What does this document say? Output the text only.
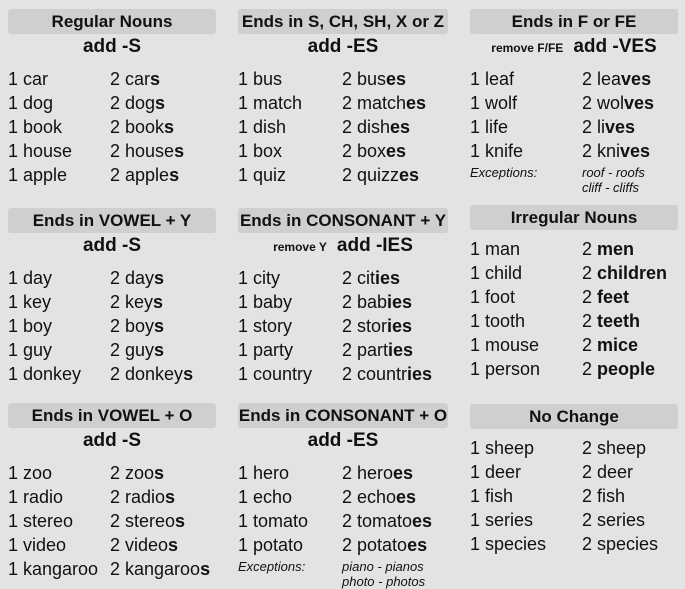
Regular Nouns
add -S
1 car	2 cars
1 dog	2 dogs
1 book	2 books
1 house 2 houses
1 apple 2 apples
Ends in S, CH, SH, X or Z
add -ES
1 bus	2 buses
1 match 2 matches
1 dish	2 dishes
1 box	2 boxes
1 quiz	2 quizzes
Ends in F or FE
remove F/FE add -VES
1 leaf	2 leaves
1 wolf	2 wolves
1 life	2 lives
1 knife	2 knives
Exceptions:	roof - roofs
cliff - cliffs
Ends in VOWEL + Y
add -S
1 day	2 days
1 key	2 keys
1 boy	2 boys
1 guy	2 guys
1 donkey 2 donkeys
Ends in CONSONANT + Y
remove Y add -IES
1 city	2 cities
1 baby	2 babies
1 story	2 stories
1 party	2 parties
1 country 2 countries
Irregular Nouns
1 man	2 men
1 child	2 children
1 foot	2 feet
1 tooth	2 teeth
1 mouse 2 mice
1 person 2 people
Ends in VOWEL + O
add -S
1 zoo	2 zoos
1 radio	2 radios
1 stereo 2 stereos
1 video 2 videos
1 kangaroo 2 kangaroos
Ends in CONSONANT + O
add -ES
1 hero	2 heroes
1 echo	2 echoes
1 tomato 2 tomatoes
1 potato 2 potatoes
Exceptions:	piano - pianos
photo - photos
No Change
1 sheep	2 sheep
1 deer	2 deer
1 fish	2 fish
1 series	2 series
1 species 2 species
